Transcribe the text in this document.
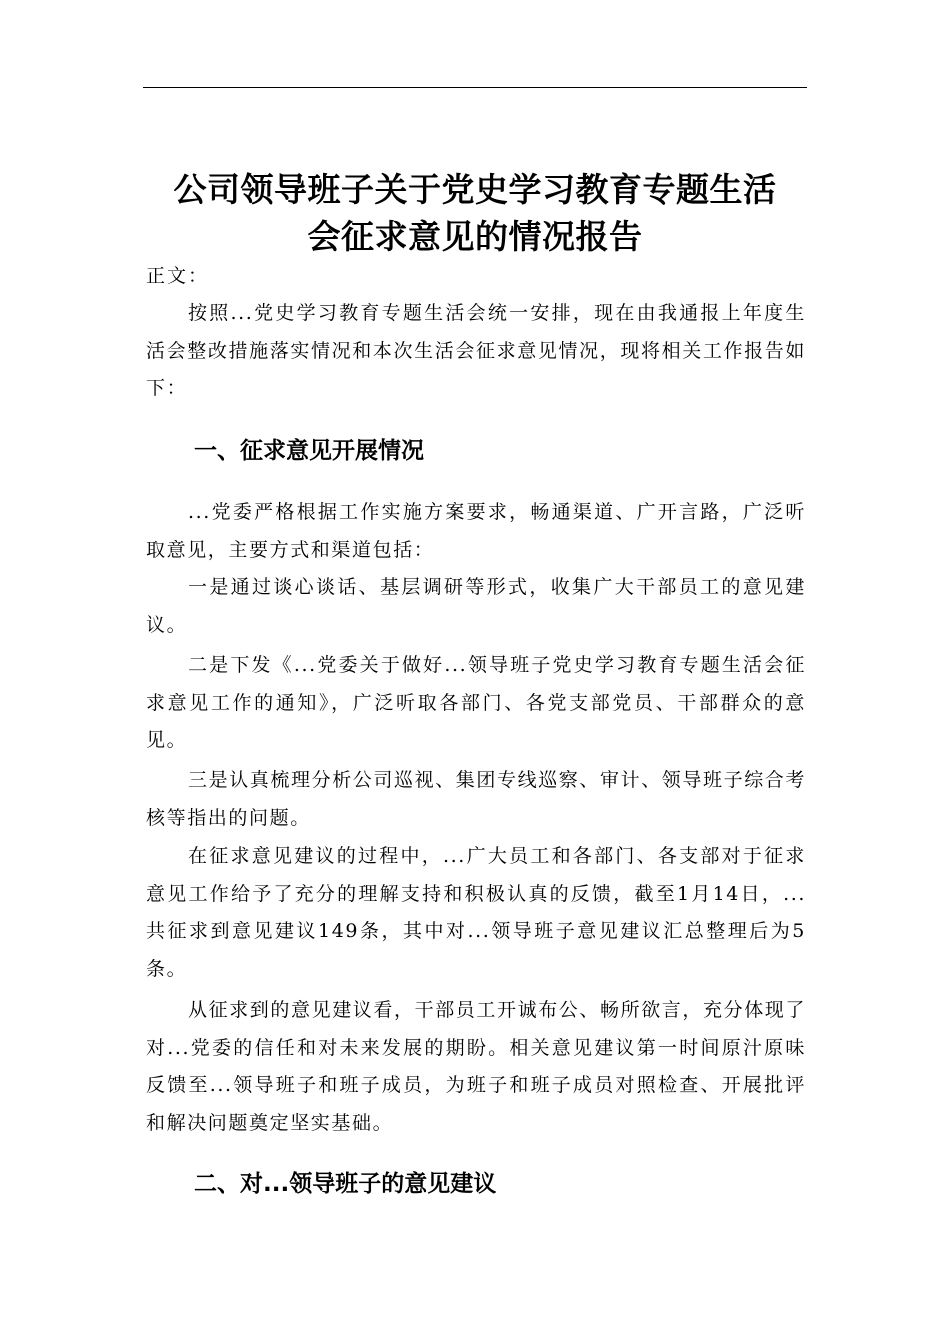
公司领导班子关于党史学习教育专题生活
会征求意见的情况报告
正文：

按照...党史学习教育专题生活会统一安排，现在由我通报上年度生活会整改措施落实情况和本次生活会征求意见情况，现将相关工作报告如下：

一、征求意见开展情况

...党委严格根据工作实施方案要求，畅通渠道、广开言路，广泛听取意见，主要方式和渠道包括：

一是通过谈心谈话、基层调研等形式，收集广大干部员工的意见建议。

二是下发《...党委关于做好...领导班子党史学习教育专题生活会征求意见工作的通知》，广泛听取各部门、各党支部党员、干部群众的意见。

三是认真梳理分析公司巡视、集团专线巡察、审计、领导班子综合考核等指出的问题。

在征求意见建议的过程中，...广大员工和各部门、各支部对于征求意见工作给予了充分的理解支持和积极认真的反馈，截至1月14日，...共征求到意见建议149条，其中对...领导班子意见建议汇总整理后为5条。

从征求到的意见建议看，干部员工开诚布公、畅所欲言，充分体现了对...党委的信任和对未来发展的期盼。相关意见建议第一时间原汁原味反馈至...领导班子和班子成员，为班子和班子成员对照检查、开展批评和解决问题奠定坚实基础。

二、对...领导班子的意见建议
